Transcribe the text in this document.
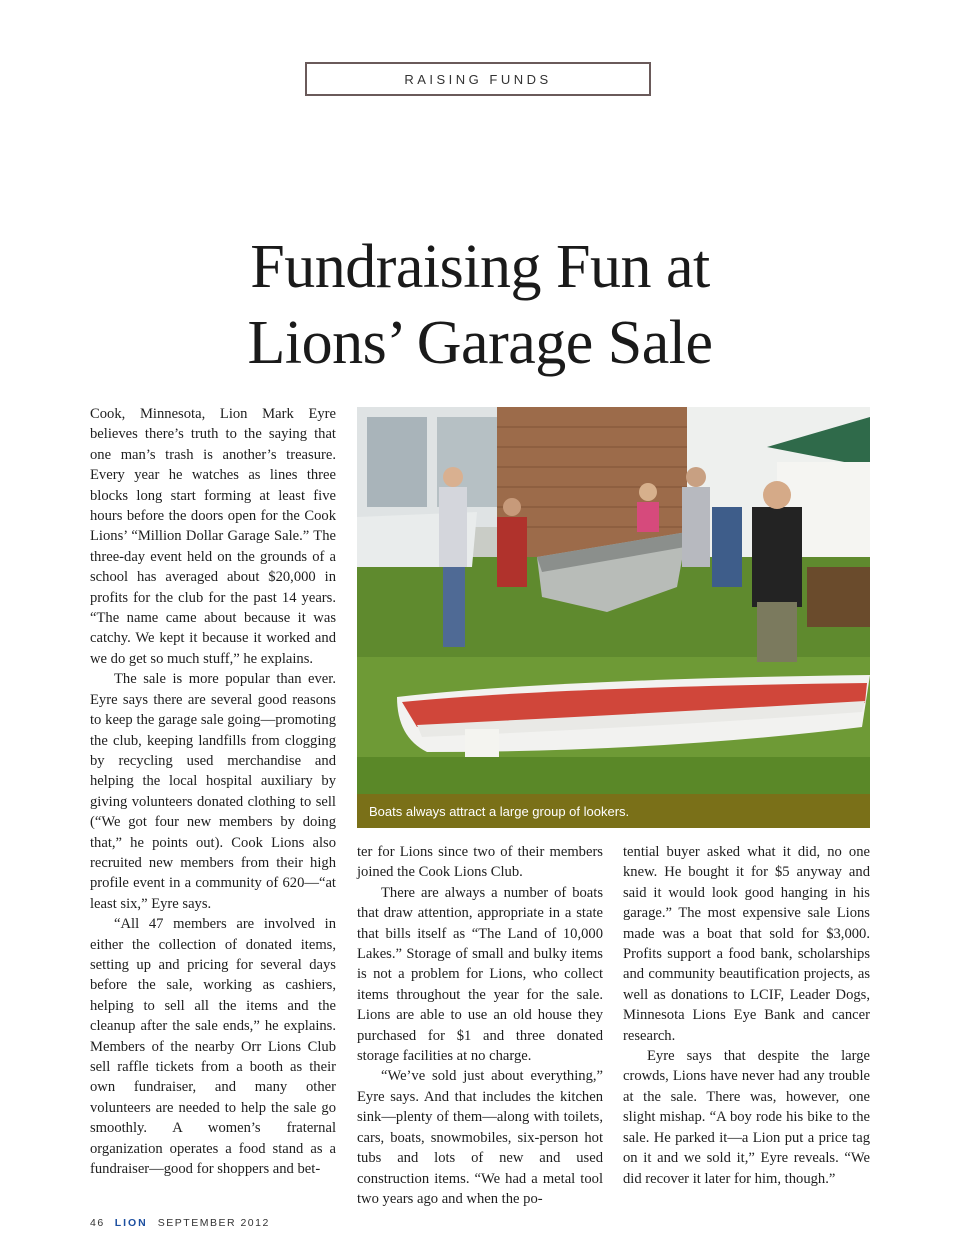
RAISING FUNDS
Fundraising Fun at
Lions’ Garage Sale

Cook, Minnesota, Lion Mark Eyre believes there’s truth to the saying that one man’s trash is another’s treasure. Every year he watches as lines three blocks long start forming at least five hours before the doors open for the Cook Lions’ “Million Dollar Garage Sale.” The three-day event held on the grounds of a school has averaged about $20,000 in profits for the club for the past 14 years. “The name came about because it was catchy. We kept it because it worked and we do get so much stuff,” he explains.

The sale is more popular than ever. Eyre says there are several good reasons to keep the garage sale going—promoting the club, keeping landfills from clogging by recycling used merchandise and helping the local hospital auxiliary by giving volunteers donated clothing to sell (“We got four new members by doing that,” he points out). Cook Lions also recruited new members from their high profile event in a community of 620—“at least six,” Eyre says.

“All 47 members are involved in either the collection of donated items, setting up and pricing for several days before the sale, working as cashiers, helping to sell all the items and the cleanup after the sale ends,” he explains. Members of the nearby Orr Lions Club sell raffle tickets from a booth as their own fundraiser, and many other volunteers are needed to help the sale go smoothly. A women’s fraternal organization operates a food stand as a fundraiser—good for shoppers and bet-

Boats always attract a large group of lookers.

ter for Lions since two of their members joined the Cook Lions Club.

There are always a number of boats that draw attention, appropriate in a state that bills itself as “The Land of 10,000 Lakes.” Storage of small and bulky items is not a problem for Lions, who collect items throughout the year for the sale. Lions are able to use an old house they purchased for $1 and three donated storage facilities at no charge.

“We’ve sold just about everything,” Eyre says. And that includes the kitchen sink—plenty of them—along with toilets, cars, boats, snowmobiles, six-person hot tubs and lots of new and used construction items. “We had a metal tool two years ago and when the po-

tential buyer asked what it did, no one knew. He bought it for $5 anyway and said it would look good hanging in his garage.” The most expensive sale Lions made was a boat that sold for $3,000. Profits support a food bank, scholarships and community beautification projects, as well as donations to LCIF, Leader Dogs, Minnesota Lions Eye Bank and cancer research.

Eyre says that despite the large crowds, Lions have never had any trouble at the sale. There was, however, one slight mishap. “A boy rode his bike to the sale. He parked it—a Lion put a price tag on it and we sold it,” Eyre reveals. “We did recover it later for him, though.”

46 LION SEPTEMBER 2012
